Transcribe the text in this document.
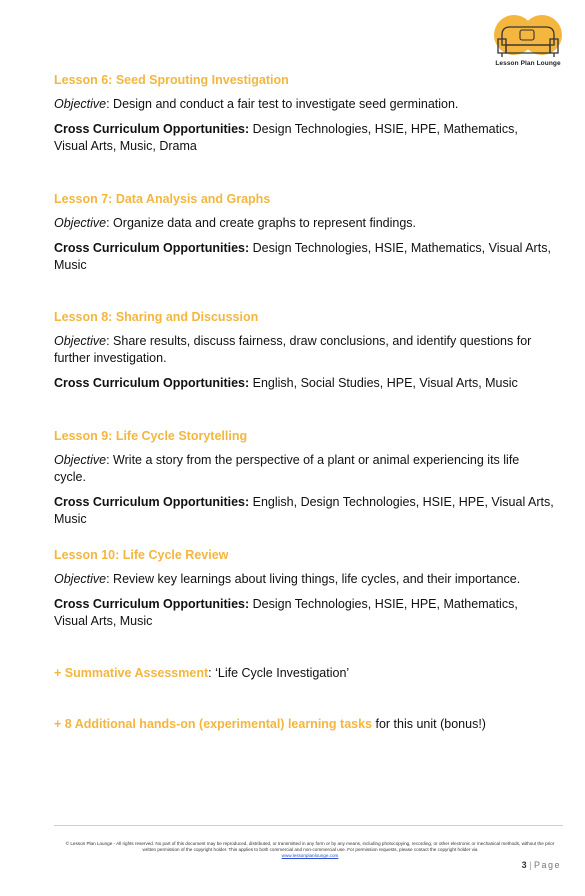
Lesson Plan Lounge
Lesson 6: Seed Sprouting Investigation
Objective: Design and conduct a fair test to investigate seed germination.
Cross Curriculum Opportunities: Design Technologies, HSIE, HPE, Mathematics, Visual Arts, Music, Drama
Lesson 7: Data Analysis and Graphs
Objective: Organize data and create graphs to represent findings.
Cross Curriculum Opportunities: Design Technologies, HSIE, Mathematics, Visual Arts, Music
Lesson 8: Sharing and Discussion
Objective: Share results, discuss fairness, draw conclusions, and identify questions for further investigation.
Cross Curriculum Opportunities: English, Social Studies, HPE, Visual Arts, Music
Lesson 9: Life Cycle Storytelling
Objective: Write a story from the perspective of a plant or animal experiencing its life cycle.
Cross Curriculum Opportunities: English, Design Technologies, HSIE, HPE, Visual Arts, Music
Lesson 10: Life Cycle Review
Objective: Review key learnings about living things, life cycles, and their importance.
Cross Curriculum Opportunities: Design Technologies, HSIE, HPE, Mathematics, Visual Arts, Music
+ Summative Assessment: ‘Life Cycle Investigation’
+ 8 Additional hands-on (experimental) learning tasks for this unit (bonus!)
© Lesson Plan Lounge - All rights reserved. No part of this document may be reproduced, distributed, or transmitted in any form or by any means, including photocopying, recording, or other electronic or mechanical methods, without the prior written permission of the copyright holder. This applies to both commercial and non-commercial use. For permission requests, please contact the copyright holder via
www.lessonplanlounge.com
3 | Page
